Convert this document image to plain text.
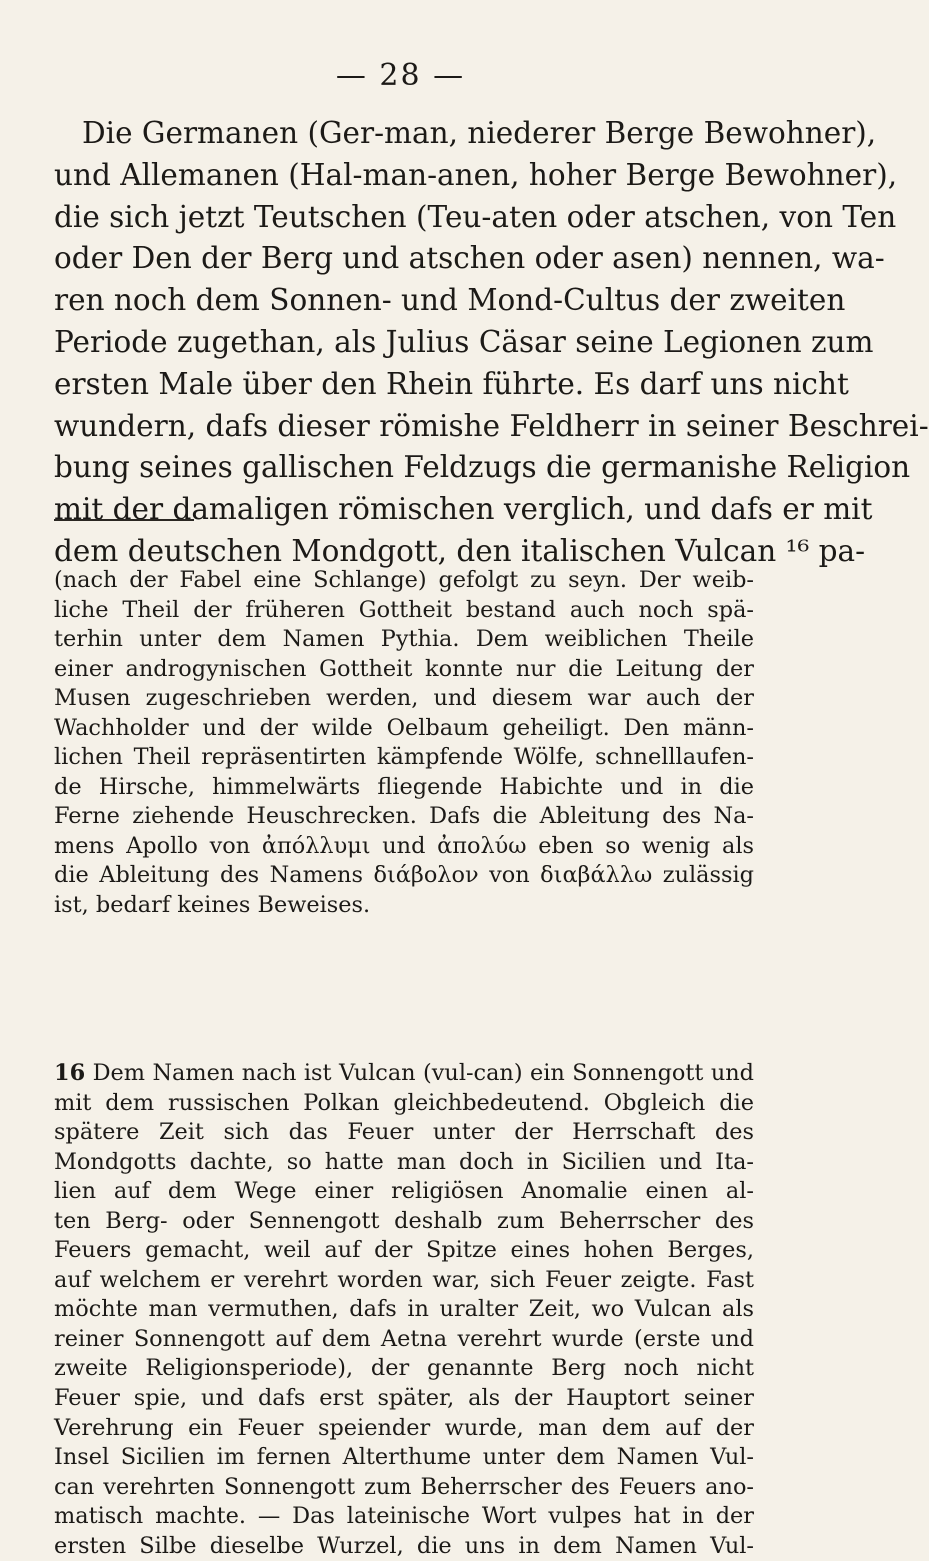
— 28 —
Die Germanen (Ger-man, niederer Berge Bewohner),
und Allemanen (Hal-man-anen, hoher Berge Bewohner),
die sich jetzt Teutschen (Teu-aten oder atschen, von Ten
oder Den der Berg und atschen oder asen) nennen, wa-
ren noch dem Sonnen- und Mond-Cultus der zweiten
Periode zugethan, als Julius Cäsar seine Legionen zum
ersten Male über den Rhein führte. Es darf uns nicht
wundern, dafs dieser römishe Feldherr in seiner Beschrei-
bung seines gallischen Feldzugs die germanishe Religion
mit der damaligen römischen verglich, und dafs er mit
dem deutschen Mondgott, den italischen Vulcan ¹⁶ pa-
(nach der Fabel eine Schlange) gefolgt zu seyn. Der weib-
liche Theil der früheren Gottheit bestand auch noch spä-
terhin unter dem Namen Pythia. Dem weiblichen Theile
einer androgynischen Gottheit konnte nur die Leitung der
Musen zugeschrieben werden, und diesem war auch der
Wachholder und der wilde Oelbaum geheiligt. Den männ-
lichen Theil repräsentirten kämpfende Wölfe, schnelllaufen-
de Hirsche, himmelwärts fliegende Habichte und in die
Ferne ziehende Heuschrecken. Dafs die Ableitung des Na-
mens Apollo von ἀπόλλυμι und ἀπολύω eben so wenig als
die Ableitung des Namens διάβολον von διαβάλλω zulässig
ist, bedarf keines Beweises.
16 Dem Namen nach ist Vulcan (vul-can) ein Sonnengott und
mit dem russischen Polkan gleichbedeutend. Obgleich die
spätere Zeit sich das Feuer unter der Herrschaft des
Mondgotts dachte, so hatte man doch in Sicilien und Ita-
lien auf dem Wege einer religiösen Anomalie einen al-
ten Berg- oder Sennengott deshalb zum Beherrscher des
Feuers gemacht, weil auf der Spitze eines hohen Berges,
auf welchem er verehrt worden war, sich Feuer zeigte. Fast
möchte man vermuthen, dafs in uralter Zeit, wo Vulcan als
reiner Sonnengott auf dem Aetna verehrt wurde (erste und
zweite Religionsperiode), der genannte Berg noch nicht
Feuer spie, und dafs erst später, als der Hauptort seiner
Verehrung ein Feuer speiender wurde, man dem auf der
Insel Sicilien im fernen Alterthume unter dem Namen Vul-
can verehrten Sonnengott zum Beherrscher des Feuers ano-
matisch machte. — Das lateinische Wort vulpes hat in der
ersten Silbe dieselbe Wurzel, die uns in dem Namen Vul-
